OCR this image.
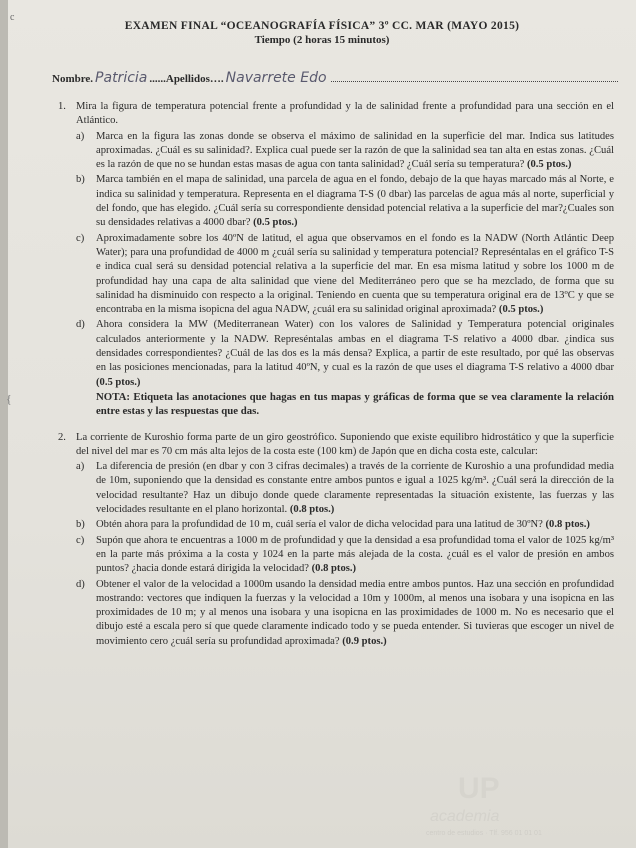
c
{
EXAMEN FINAL “OCEANOGRAFÍA FÍSICA” 3º CC. MAR (MAYO 2015)
Tiempo (2 horas 15 minutos)
Nombre. Patricia ...... Apellidos…. Navarrete Edo
1. Mira la figura de temperatura potencial frente a profundidad y la de salinidad frente a profundidad para una sección en el Atlántico.
a) Marca en la figura las zonas donde se observa el máximo de salinidad en la superficie del mar. Indica sus latitudes aproximadas. ¿Cuál es su salinidad?. Explica cual puede ser la razón de que la salinidad sea tan alta en estas zonas. ¿Cuál es la razón de que no se hundan estas masas de agua con tanta salinidad? ¿Cuál sería su temperatura? (0.5 ptos.)
b) Marca también en el mapa de salinidad, una parcela de agua en el fondo, debajo de la que hayas marcado más al Norte, e indica su salinidad y temperatura. Representa en el diagrama T-S (0 dbar) las parcelas de agua más al norte, superficial y del fondo, que has elegido. ¿Cuál sería su correspondiente densidad potencial relativa a la superficie del mar?¿Cuales son su densidades relativas a 4000 dbar? (0.5 ptos.)
c) Aproximadamente sobre los 40ºN de latitud, el agua que observamos en el fondo es la NADW (North Atlántic Deep Water); para una profundidad de 4000 m ¿cuál sería su salinidad y temperatura potencial? Represéntalas en el gráfico T-S e indica cual será su densidad potencial relativa a la superficie del mar. En esa misma latitud y sobre los 1000 m de profundidad hay una capa de alta salinidad que viene del Mediterráneo pero que se ha mezclado, de forma que su salinidad ha disminuido con respecto a la original. Teniendo en cuenta que su temperatura original era de 13ºC y que se encontraba en la misma isopicna del agua NADW, ¿cuál era su salinidad original aproximada? (0.5 ptos.)
d) Ahora considera la MW (Mediterranean Water) con los valores de Salinidad y Temperatura potencial originales calculados anteriormente y la NADW. Represéntalas ambas en el diagrama T-S relativo a 4000 dbar. ¿indica sus densidades correspondientes? ¿Cuál de las dos es la más densa? Explica, a partir de este resultado, por qué las observas en las posiciones mencionadas, para la latitud 40ºN, y cual es la razón de que uses el diagrama T-S relativo a 4000 dbar (0.5 ptos.)
NOTA: Etiqueta las anotaciones que hagas en tus mapas y gráficas de forma que se vea claramente la relación entre estas y las respuestas que das.
2. La corriente de Kuroshio forma parte de un giro geostrófico. Suponiendo que existe equilibro hidrostático y que la superficie del nivel del mar es 70 cm más alta lejos de la costa este (100 km) de Japón que en dicha costa este, calcular:
a) La diferencia de presión (en dbar y con 3 cifras decimales) a través de la corriente de Kuroshio a una profundidad media de 10m, suponiendo que la densidad es constante entre ambos puntos e igual a 1025 kg/m³. ¿Cuál será la dirección de la velocidad resultante? Haz un dibujo donde quede claramente representadas la situación existente, las fuerzas y las velocidades resultante en el plano horizontal. (0.8 ptos.)
b) Obtén ahora para la profundidad de 10 m, cuál sería el valor de dicha velocidad para una latitud de 30ºN? (0.8 ptos.)
c) Supón que ahora te encuentras a 1000 m de profundidad y que la densidad a esa profundidad toma el valor de 1025 kg/m³ en la parte más próxima a la costa y 1024 en la parte más alejada de la costa. ¿cuál es el valor de presión en ambos puntos? ¿hacia donde estará dirigida la velocidad? (0.8 ptos.)
d) Obtener el valor de la velocidad a 1000m usando la densidad media entre ambos puntos. Haz una sección en profundidad mostrando: vectores que indiquen la fuerzas y la velocidad a 10m y 1000m, al menos una isobara y una isopicna en las proximidades de 10 m; y al menos una isobara y una isopicna en las proximidades de 1000 m. No es necesario que el dibujo esté a escala pero sí que quede claramente indicado todo y se pueda entender. Si tuvieras que escoger un nivel de movimiento cero ¿cuál sería su profundidad aproximada? (0.9 ptos.)
UP
academia
centro de estudios · Tlf. 956 01 01 01
